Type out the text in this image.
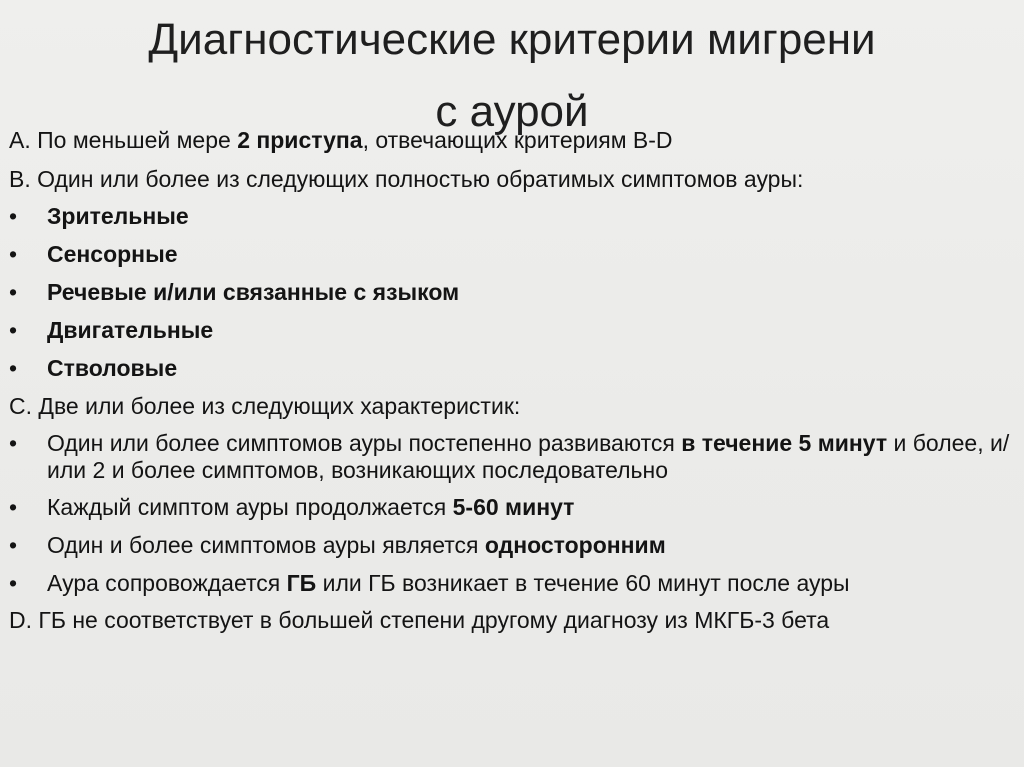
Диагностические критерии мигрени
с аурой
А. По меньшей мере 2 приступа, отвечающих критериям B-D
B. Один или более из следующих полностью обратимых симптомов ауры:
•	Зрительные
•	Сенсорные
•	Речевые и/или связанные с языком
•	Двигательные
•	Стволовые
C. Две или более из следующих характеристик:
•	Один или более симптомов ауры постепенно развиваются в течение 5 минут и более, и/или 2 и более симптомов, возникающих последовательно
•	Каждый симптом ауры продолжается 5-60 минут
•	Один и более симптомов ауры является односторонним
•	Аура сопровождается ГБ или ГБ возникает в течение 60 минут после ауры
D. ГБ не соответствует в большей степени другому диагнозу из МКГБ-3 бета
